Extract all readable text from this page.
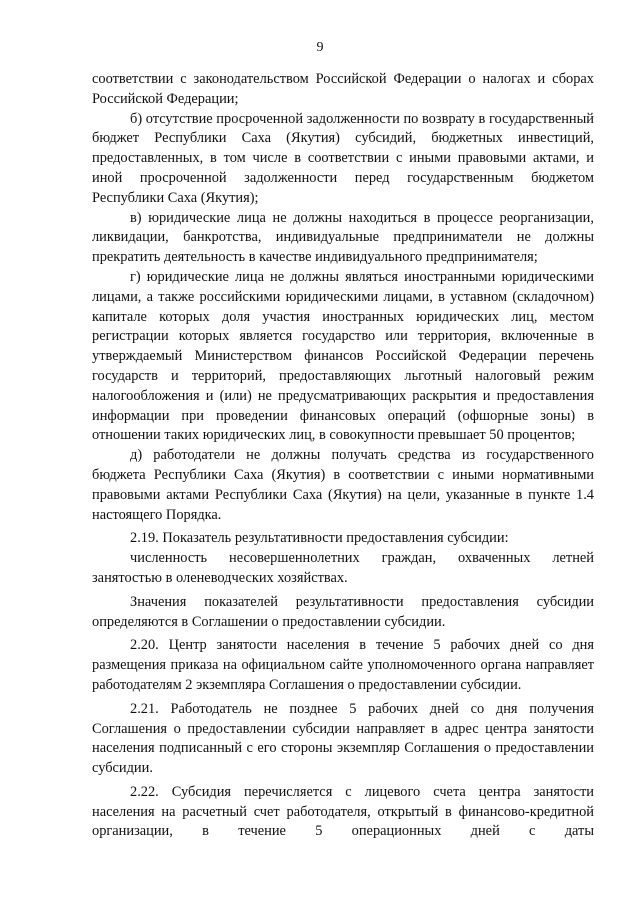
9

соответствии с законодательством Российской Федерации о налогах и сборах Российской Федерации;

б) отсутствие просроченной задолженности по возврату в государственный бюджет Республики Саха (Якутия) субсидий, бюджетных инвестиций, предоставленных, в том числе в соответствии с иными правовыми актами, и иной просроченной задолженности перед государственным бюджетом Республики Саха (Якутия);

в) юридические лица не должны находиться в процессе реорганизации, ликвидации, банкротства, индивидуальные предприниматели не должны прекратить деятельность в качестве индивидуального предпринимателя;

г) юридические лица не должны являться иностранными юридическими лицами, а также российскими юридическими лицами, в уставном (складочном) капитале которых доля участия иностранных юридических лиц, местом регистрации которых является государство или территория, включенные в утверждаемый Министерством финансов Российской Федерации перечень государств и территорий, предоставляющих льготный налоговый режим налогообложения и (или) не предусматривающих раскрытия и предоставления информации при проведении финансовых операций (офшорные зоны) в отношении таких юридических лиц, в совокупности превышает 50 процентов;

д) работодатели не должны получать средства из государственного бюджета Республики Саха (Якутия) в соответствии с иными нормативными правовыми актами Республики Саха (Якутия) на цели, указанные в пункте 1.4 настоящего Порядка.

2.19. Показатель результативности предоставления субсидии:

численность несовершеннолетних граждан, охваченных летней занятостью в оленеводческих хозяйствах.

Значения показателей результативности предоставления субсидии определяются в Соглашении о предоставлении субсидии.

2.20. Центр занятости населения в течение 5 рабочих дней со дня размещения приказа на официальном сайте уполномоченного органа направляет работодателям 2 экземпляра Соглашения о предоставлении субсидии.

2.21. Работодатель не позднее 5 рабочих дней со дня получения Соглашения о предоставлении субсидии направляет в адрес центра занятости населения подписанный с его стороны экземпляр Соглашения о предоставлении субсидии.

2.22. Субсидия перечисляется с лицевого счета центра занятости населения на расчетный счет работодателя, открытый в финансово-кредитной организации, в течение 5 операционных дней с даты
